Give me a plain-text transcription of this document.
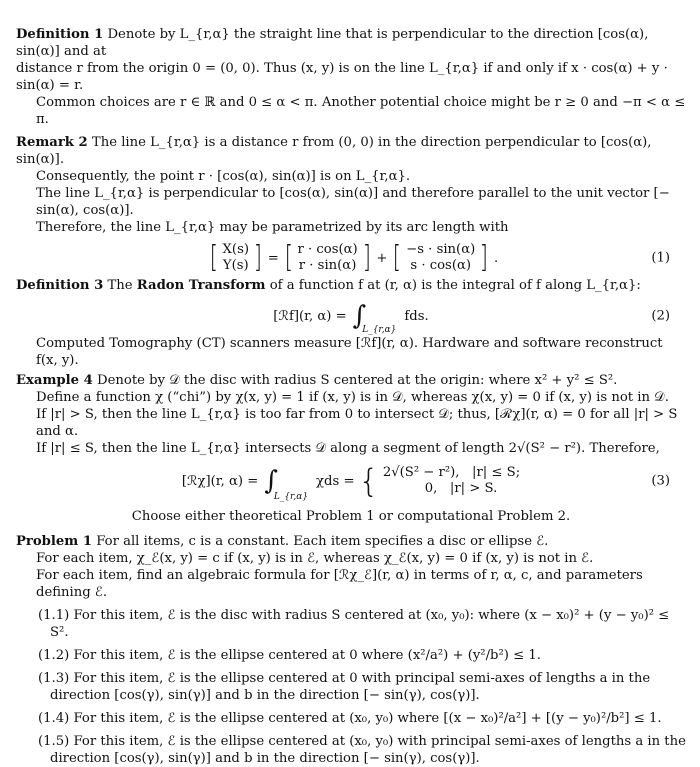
Definition 1 Denote by L_{r,α} the straight line that is perpendicular to the direction [cos(α), sin(α)] and at

distance r from the origin 0 = (0, 0). Thus (x, y) is on the line L_{r,α} if and only if x · cos(α) + y · sin(α) = r.

Common choices are r ∈ ℝ and 0 ≤ α < π. Another potential choice might be r ≥ 0 and −π < α ≤ π.

Remark 2 The line L_{r,α} is a distance r from (0, 0) in the direction perpendicular to [cos(α), sin(α)].

Consequently, the point r · [cos(α), sin(α)] is on L_{r,α}.

The line L_{r,α} is perpendicular to [cos(α), sin(α)] and therefore parallel to the unit vector [− sin(α), cos(α)].

Therefore, the line L_{r,α} may be parametrized by its arc length with

[ X(s)
Y(s) ] = [ r · cos(α)
r · sin(α) ] + [ −s · sin(α)
s · cos(α) ] .	(1)

Definition 3 The Radon Transform of a function f at (r, α) is the integral of f along L_{r,α}:

[ℛf](r, α) = ∫
L_{r,α}
fds.	(2)

Computed Tomography (CT) scanners measure [ℛf](r, α). Hardware and software reconstruct f(x, y).

Example 4 Denote by 𝒟 the disc with radius S centered at the origin: where x² + y² ≤ S².

Define a function χ (“chi”) by χ(x, y) = 1 if (x, y) is in 𝒟, whereas χ(x, y) = 0 if (x, y) is not in 𝒟.

If |r| > S, then the line L_{r,α} is too far from 0 to intersect 𝒟; thus, [ℛχ](r, α) = 0 for all |r| > S and α.

If |r| ≤ S, then the line L_{r,α} intersects 𝒟 along a segment of length 2√(S² − r²). Therefore,

[ℛχ](r, α) = ∫
L_{r,α}
χds = { 2√(S² − r²),   |r| ≤ S;
0,   |r| > S.	(3)

Choose either theoretical Problem 1 or computational Problem 2.

Problem 1 For all items, c is a constant. Each item specifies a disc or ellipse ℰ.

For each item, χ_ℰ(x, y) = c if (x, y) is in ℰ, whereas χ_ℰ(x, y) = 0 if (x, y) is not in ℰ.

For each item, find an algebraic formula for [ℛχ_ℰ](r, α) in terms of r, α, c, and parameters defining ℰ.

(1.1) For this item, ℰ is the disc with radius S centered at (x₀, y₀): where (x − x₀)² + (y − y₀)² ≤ S².

(1.2) For this item, ℰ is the ellipse centered at 0 where (x²/a²) + (y²/b²) ≤ 1.

(1.3) For this item, ℰ is the ellipse centered at 0 with principal semi-axes of lengths a in the direction [cos(γ), sin(γ)] and b in the direction [− sin(γ), cos(γ)].

(1.4) For this item, ℰ is the ellipse centered at (x₀, y₀) where [(x − x₀)²/a²] + [(y − y₀)²/b²] ≤ 1.

(1.5) For this item, ℰ is the ellipse centered at (x₀, y₀) with principal semi-axes of lengths a in the direction [cos(γ), sin(γ)] and b in the direction [− sin(γ), cos(γ)].
